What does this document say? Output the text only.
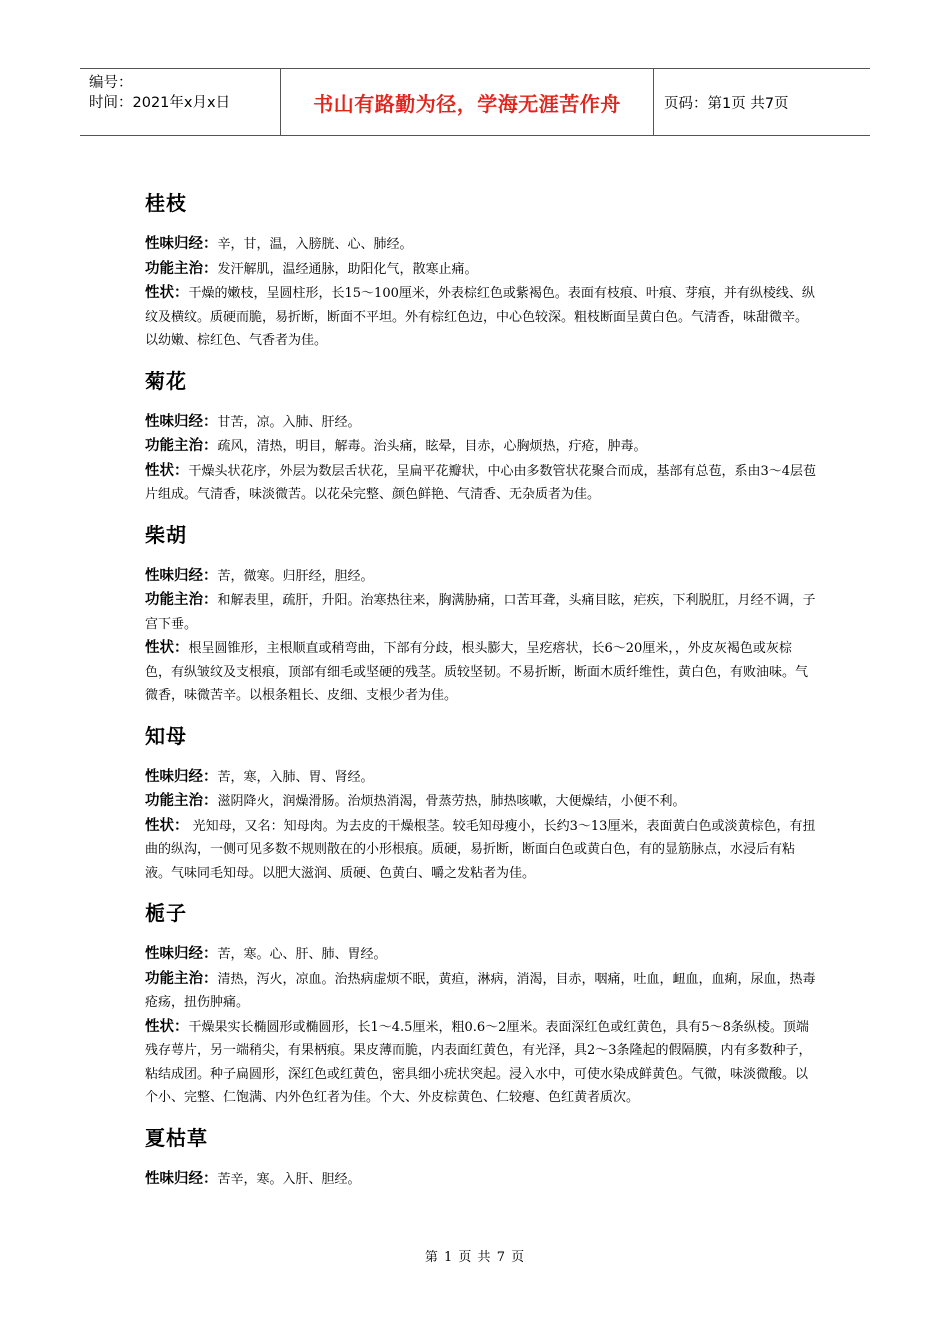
编号：
时间：2021年x月x日	书山有路勤为径，学海无涯苦作舟	页码：第1页 共7页
桂枝
性味归经：辛，甘，温，入膀胱、心、肺经。
功能主治：发汗解肌，温经通脉，助阳化气，散寒止痛。
性状：干燥的嫩枝，呈圆柱形，长15～100厘米，外表棕红色或紫褐色。表面有枝痕、叶痕、芽痕，并有纵棱线、纵纹及横纹。质硬而脆，易折断，断面不平坦。外有棕红色边，中心色较深。粗枝断面呈黄白色。气清香，味甜微辛。以幼嫩、棕红色、气香者为佳。
菊花
性味归经：甘苦，凉。入肺、肝经。
功能主治：疏风，清热，明目，解毒。治头痛，眩晕，目赤，心胸烦热，疔疮，肿毒。
性状：干燥头状花序，外层为数层舌状花，呈扁平花瓣状，中心由多数管状花聚合而成，基部有总苞，系由3～4层苞片组成。气清香，味淡微苦。以花朵完整、颜色鲜艳、气清香、无杂质者为佳。
柴胡
性味归经：苦，微寒。归肝经，胆经。
功能主治：和解表里，疏肝，升阳。治寒热往来，胸满胁痛，口苦耳聋，头痛目眩，疟疾，下利脱肛，月经不调，子宫下垂。
性状：根呈圆锥形，主根顺直或稍弯曲，下部有分歧，根头膨大，呈疙瘩状，长6～20厘米，，外皮灰褐色或灰棕色，有纵皱纹及支根痕，顶部有细毛或坚硬的残茎。质较坚韧。不易折断，断面木质纤维性，黄白色，有败油味。气微香，味微苦辛。以根条粗长、皮细、支根少者为佳。
知母
性味归经：苦，寒，入肺、胃、肾经。
功能主治：滋阴降火，润燥滑肠。治烦热消渴，骨蒸劳热，肺热咳嗽，大便燥结，小便不利。
性状： 光知母，又名：知母肉。为去皮的干燥根茎。较毛知母瘦小，长约3～13厘米，表面黄白色或淡黄棕色，有扭曲的纵沟，一侧可见多数不规则散在的小形根痕。质硬，易折断，断面白色或黄白色，有的显筋脉点，水浸后有粘液。气味同毛知母。以肥大滋润、质硬、色黄白、嚼之发粘者为佳。
栀子
性味归经：苦，寒。心、肝、肺、胃经。
功能主治：清热，泻火，凉血。治热病虚烦不眠，黄疸，淋病，消渴，目赤，咽痛，吐血，衄血，血痢，尿血，热毒疮疡，扭伤肿痛。
性状：干燥果实长椭圆形或椭圆形，长1～4.5厘米，粗0.6～2厘米。表面深红色或红黄色，具有5～8条纵棱。顶端残存萼片，另一端稍尖，有果柄痕。果皮薄而脆，内表面红黄色，有光泽，具2～3条隆起的假隔膜，内有多数种子，粘结成团。种子扁圆形，深红色或红黄色，密具细小疣状突起。浸入水中，可使水染成鲜黄色。气微，味淡微酸。以个小、完整、仁饱满、内外色红者为佳。个大、外皮棕黄色、仁较瘪、色红黄者质次。
夏枯草
性味归经：苦辛，寒。入肝、胆经。
第 1 页 共 7 页
